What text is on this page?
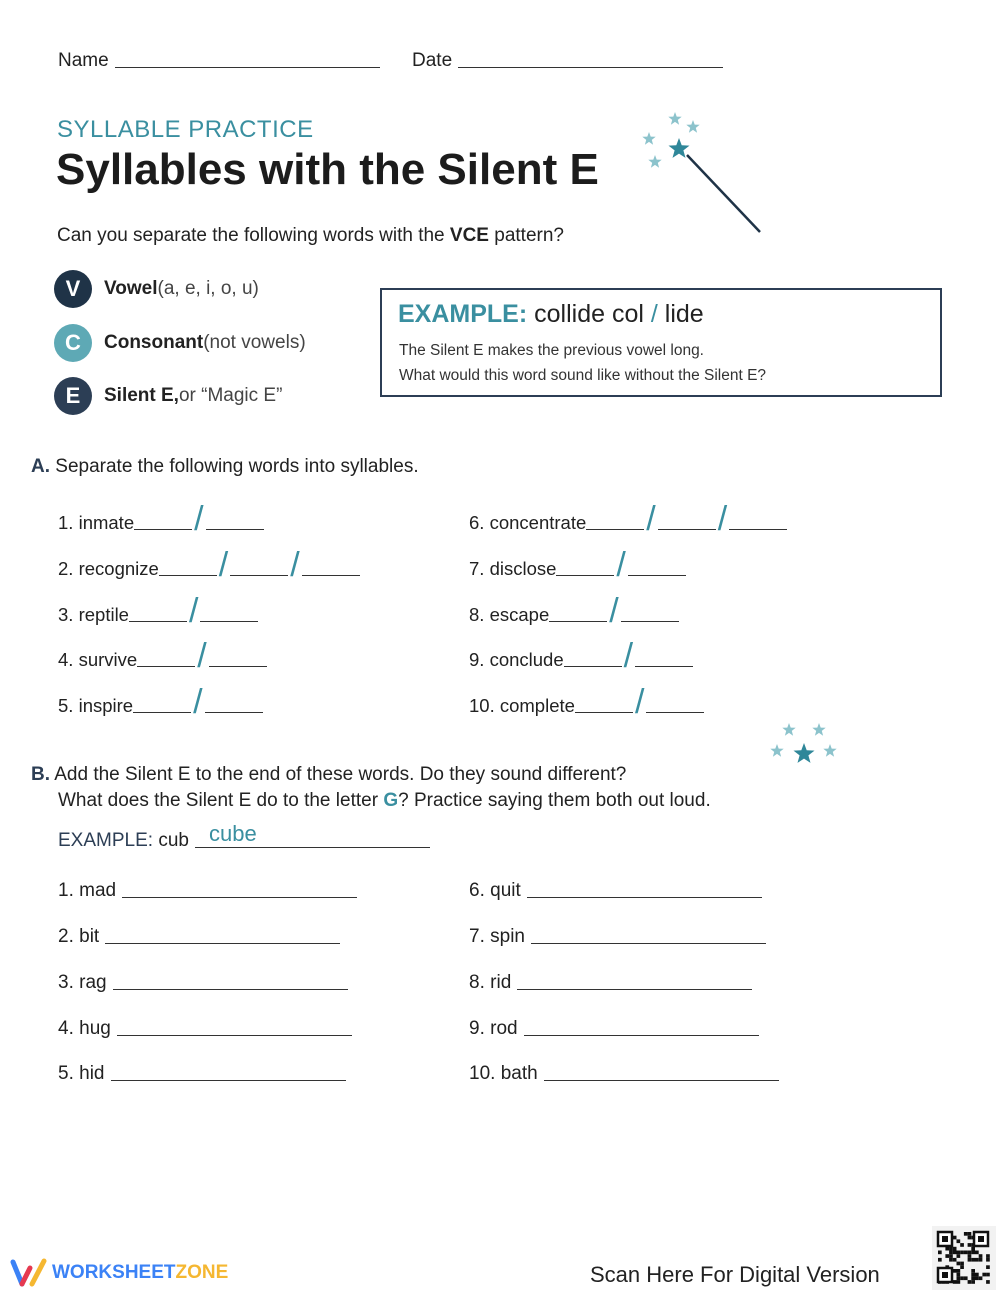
Name	Date
SYLLABLE PRACTICE
Syllables with the Silent E
Can you separate the following words with the VCE pattern?
V	Vowel (a, e, i, o, u)
C	Consonant (not vowels)
E	Silent E, or “Magic E”
EXAMPLE: collide col / lide
The Silent E makes the previous vowel long.
What would this word sound like without the Silent E?
A. Separate the following words into syllables.
1.
inmate /
2.
recognize / /
3.
reptile /
4.
survive /
5.
inspire /
6.
concentrate / /
7.
disclose /
8.
escape /
9.
conclude /
10.
complete /
B. Add the Silent E to the end of these words. Do they sound different?
What does the Silent E do to the letter G? Practice saying them both out loud.
EXAMPLE:
cub cube
1.
mad
2.
bit
3.
rag
4.
hug
5.
hid
6.
quit
7.
spin
8.
rid
9.
rod
10.
bath
WORKSHEET ZONE	Scan Here For Digital Version
